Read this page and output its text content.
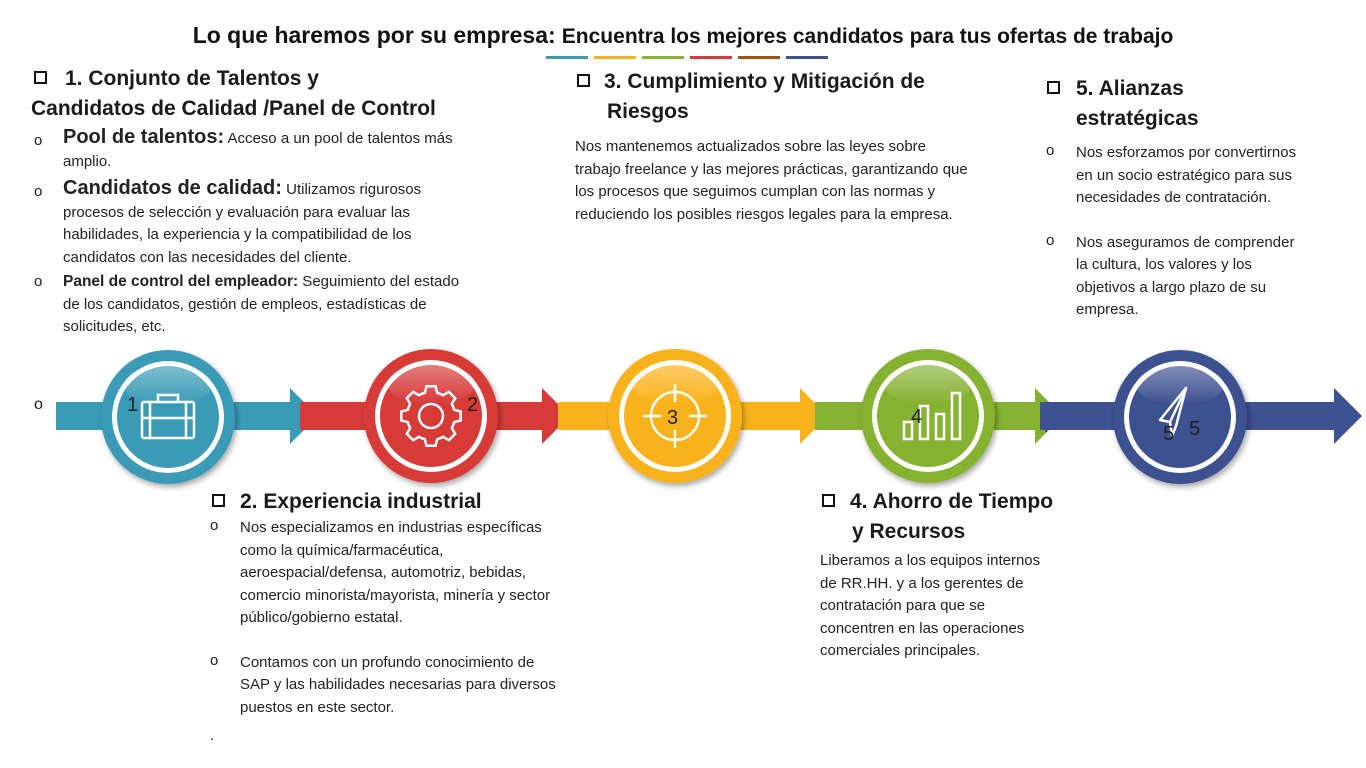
Lo que haremos por su empresa: Encuentra los mejores candidatos para tus ofertas de trabajo
1. Conjunto de Talentos y
Candidatos de Calidad /Panel de Control
o Pool de talentos: Acceso a un pool de talentos más
amplio.
o Candidatos de calidad: Utilizamos rigurosos
procesos de selección y evaluación para evaluar las habilidades, la experiencia y la compatibilidad de los candidatos con las necesidades del cliente.
o Panel de control del empleador: Seguimiento del estado
de los candidatos, gestión de empleos, estadísticas de solicitudes, etc.
o
3. Cumplimiento y Mitigación de
Riesgos
Nos mantenemos actualizados sobre las leyes sobre trabajo freelance y las mejores prácticas, garantizando que los procesos que seguimos cumplan con las normas y reduciendo los posibles riesgos legales para la empresa.
5. Alianzas
estratégicas
o Nos esforzamos por convertirnos en un socio estratégico para sus necesidades de contratación.
o Nos aseguramos de comprender la cultura, los valores y los objetivos a largo plazo de su empresa.
1	2
3	4	.	5 5
2. Experiencia industrial
o Nos especializamos en industrias específicas como la química/farmacéutica, aeroespacial/defensa, automotriz, bebidas, comercio minorista/mayorista, minería y sector público/gobierno estatal.
o Contamos con un profundo conocimiento de SAP y las habilidades necesarias para diversos puestos en este sector.
.
4. Ahorro de Tiempo
y Recursos
Liberamos a los equipos internos de RR.HH. y a los gerentes de contratación para que se concentren en las operaciones comerciales principales.
